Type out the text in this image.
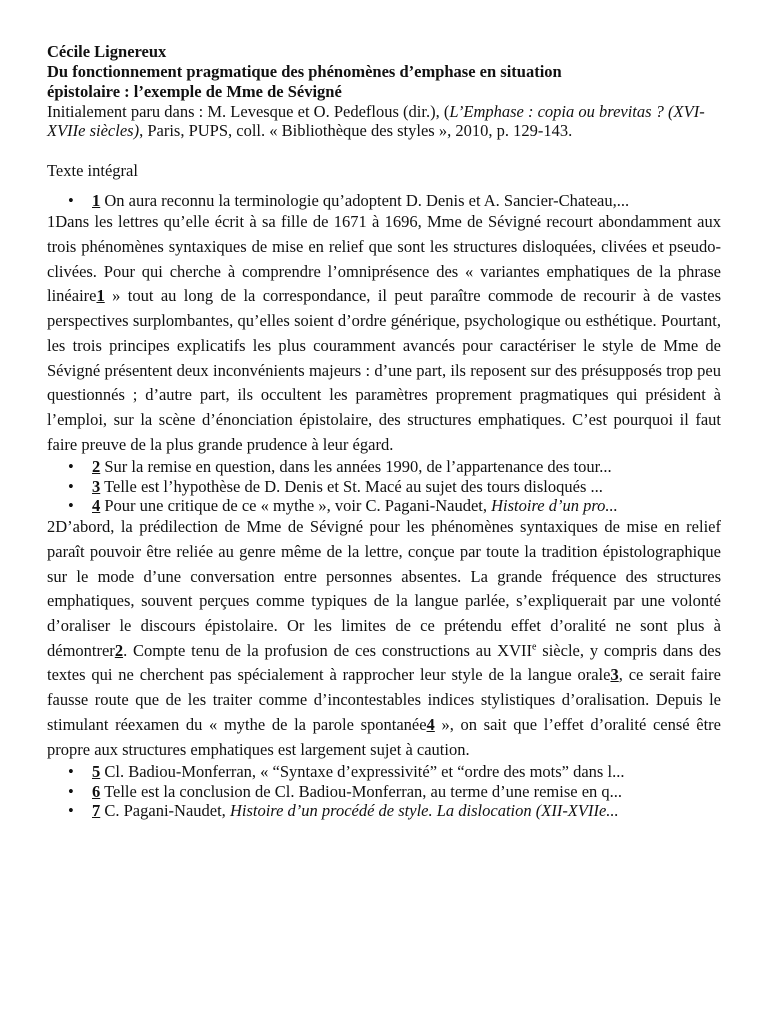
Cécile Lignereux
Du fonctionnement pragmatique des phénomènes d’emphase en situation
épistolaire : l’exemple de Mme de Sévigné
Initialement paru dans : M. Levesque et O. Pedeflous (dir.), (L’Emphase : copia ou brevitas ? (XVI-XVIIe siècles), Paris, PUPS, coll. « Bibliothèque des styles », 2010, p. 129-143.
Texte intégral
• 1 On aura reconnu la terminologie qu’adoptent D. Denis et A. Sancier-Chateau,...

1Dans les lettres qu’elle écrit à sa fille de 1671 à 1696, Mme de Sévigné recourt abondamment aux trois phénomènes syntaxiques de mise en relief que sont les structures disloquées, clivées et pseudo-clivées. Pour qui cherche à comprendre l’omniprésence des « variantes emphatiques de la phrase linéaire1 » tout au long de la correspondance, il peut paraître commode de recourir à de vastes perspectives surplombantes, qu’elles soient d’ordre générique, psychologique ou esthétique. Pourtant, les trois principes explicatifs les plus couramment avancés pour caractériser le style de Mme de Sévigné présentent deux inconvénients majeurs : d’une part, ils reposent sur des présupposés trop peu questionnés ; d’autre part, ils occultent les paramètres proprement pragmatiques qui président à l’emploi, sur la scène d’énonciation épistolaire, des structures emphatiques. C’est pourquoi il faut faire preuve de la plus grande prudence à leur égard.

• 2 Sur la remise en question, dans les années 1990, de l’appartenance des tour...
• 3 Telle est l’hypothèse de D. Denis et St. Macé au sujet des tours disloqués ...
• 4 Pour une critique de ce « mythe », voir C. Pagani-Naudet, Histoire d’un pro...

2D’abord, la prédilection de Mme de Sévigné pour les phénomènes syntaxiques de mise en relief paraît pouvoir être reliée au genre même de la lettre, conçue par toute la tradition épistolographique sur le mode d’une conversation entre personnes absentes. La grande fréquence des structures emphatiques, souvent perçues comme typiques de la langue parlée, s’expliquerait par une volonté d’oraliser le discours épistolaire. Or les limites de ce prétendu effet d’oralité ne sont plus à démontrer2. Compte tenu de la profusion de ces constructions au XVIIe siècle, y compris dans des textes qui ne cherchent pas spécialement à rapprocher leur style de la langue orale3, ce serait faire fausse route que de les traiter comme d’incontestables indices stylistiques d’oralisation. Depuis le stimulant réexamen du « mythe de la parole spontanée4 », on sait que l’effet d’oralité censé être propre aux structures emphatiques est largement sujet à caution.

• 5 Cl. Badiou-Monferran, « “Syntaxe d’expressivité” et “ordre des mots” dans l...
• 6 Telle est la conclusion de Cl. Badiou-Monferran, au terme d’une remise en q...
• 7 C. Pagani-Naudet, Histoire d’un procédé de style. La dislocation (XII-XVIIe...
